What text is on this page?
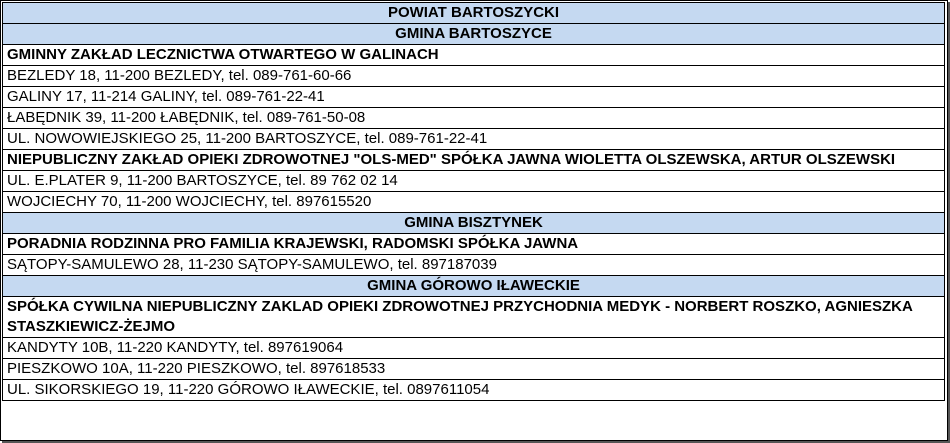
POWIAT BARTOSZYCKI
GMINA BARTOSZYCE
GMINNY ZAKŁAD LECZNICTWA OTWARTEGO W GALINACH
BEZLEDY 18, 11-200 BEZLEDY, tel. 089-761-60-66
GALINY 17, 11-214 GALINY, tel. 089-761-22-41
ŁABĘDNIK 39, 11-200 ŁABĘDNIK, tel. 089-761-50-08
UL. NOWOWIEJSKIEGO 25, 11-200 BARTOSZYCE, tel. 089-761-22-41
NIEPUBLICZNY ZAKŁAD OPIEKI ZDROWOTNEJ "OLS-MED" SPÓŁKA JAWNA WIOLETTA OLSZEWSKA, ARTUR OLSZEWSKI
UL. E.PLATER 9, 11-200 BARTOSZYCE, tel. 89 762 02 14
WOJCIECHY 70, 11-200 WOJCIECHY, tel. 897615520
GMINA BISZTYNEK
PORADNIA RODZINNA PRO FAMILIA KRAJEWSKI, RADOMSKI SPÓŁKA JAWNA
SĄTOPY-SAMULEWO 28, 11-230 SĄTOPY-SAMULEWO, tel. 897187039
GMINA GÓROWO IŁAWECKIE
SPÓŁKA CYWILNA NIEPUBLICZNY ZAKLAD OPIEKI ZDROWOTNEJ PRZYCHODNIA MEDYK - NORBERT ROSZKO, AGNIESZKA STASZKIEWICZ-ŻEJMO
KANDYTY 10B, 11-220 KANDYTY, tel. 897619064
PIESZKOWO 10A, 11-220 PIESZKOWO, tel. 897618533
UL. SIKORSKIEGO 19, 11-220 GÓROWO IŁAWECKIE, tel. 0897611054
